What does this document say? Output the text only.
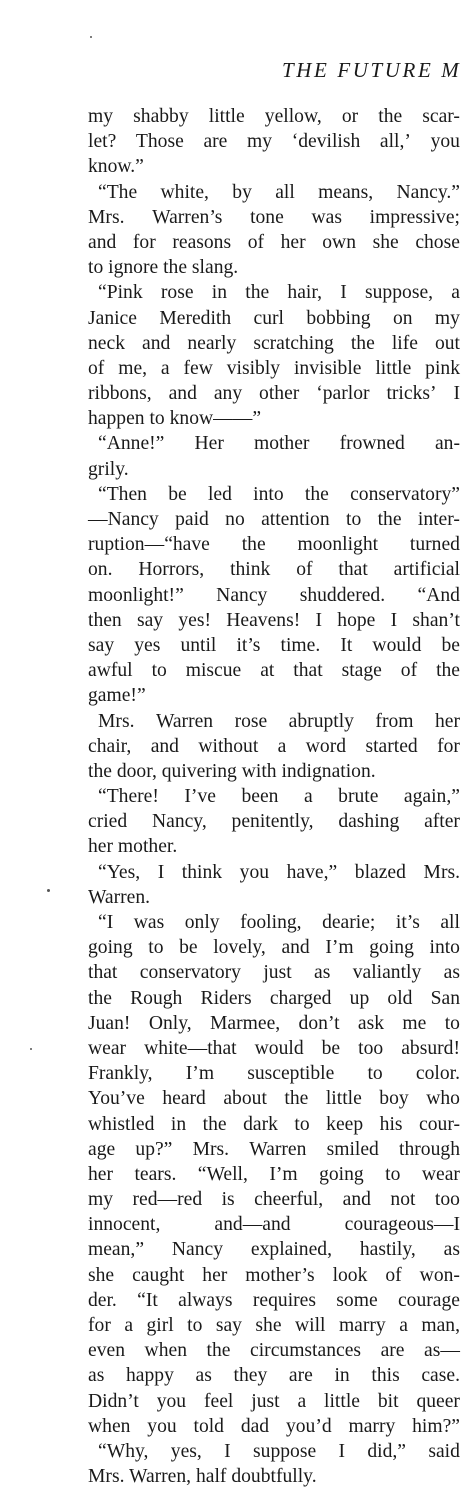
THE FUTURE M
my shabby little yellow, or the scar-
let? Those are my ‘devilish all,’ you
know.”
“The white, by all means, Nancy.”
Mrs. Warren’s tone was impressive;
and for reasons of her own she chose
to ignore the slang.
“Pink rose in the hair, I suppose, a
Janice Meredith curl bobbing on my
neck and nearly scratching the life out
of me, a few visibly invisible little pink
ribbons, and any other ‘parlor tricks’ I
happen to know——”
“Anne!” Her mother frowned an-
grily.
“Then be led into the conservatory”
—Nancy paid no attention to the inter-
ruption—“have the moonlight turned
on. Horrors, think of that artificial
moonlight!” Nancy shuddered. “And
then say yes! Heavens! I hope I shan’t
say yes until it’s time. It would be
awful to miscue at that stage of the
game!”
Mrs. Warren rose abruptly from her
chair, and without a word started for
the door, quivering with indignation.
“There! I’ve been a brute again,”
cried Nancy, penitently, dashing after
her mother.
“Yes, I think you have,” blazed Mrs.
Warren.
“I was only fooling, dearie; it’s all
going to be lovely, and I’m going into
that conservatory just as valiantly as
the Rough Riders charged up old San
Juan! Only, Marmee, don’t ask me to
wear white—that would be too absurd!
Frankly, I’m susceptible to color.
You’ve heard about the little boy who
whistled in the dark to keep his cour-
age up?” Mrs. Warren smiled through
her tears. “Well, I’m going to wear
my red—red is cheerful, and not too
innocent,	and—and	courageous—I
mean,” Nancy explained, hastily, as
she caught her mother’s look of won-
der. “It always requires some courage
for a girl to say she will marry a man,
even when the circumstances are as—
as happy as they are in this case.
Didn’t you feel just a little bit queer
when you told dad you’d marry him?”
“Why, yes, I suppose I did,” said
Mrs. Warren, half doubtfully.
